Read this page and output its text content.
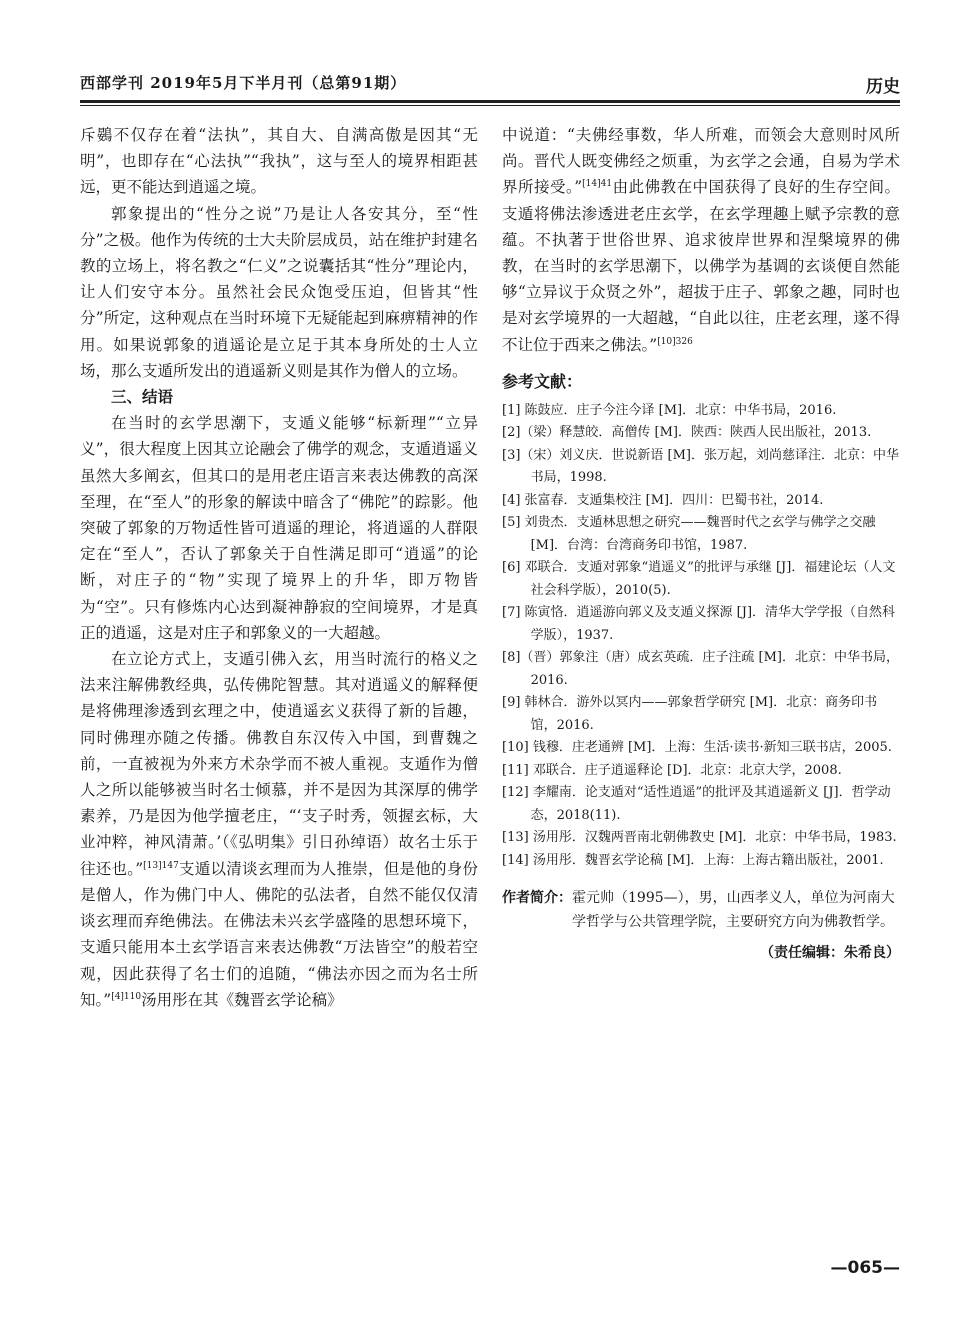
西部学刊 2019年5月下半月刊（总第91期）	历史

斥鷃不仅存在着“法执”，其自大、自满高傲是因其“无明”，也即存在“心法执”“我执”，这与至人的境界相距甚远，更不能达到逍遥之境。

郭象提出的“性分之说”乃是让人各安其分，至“性分”之极。他作为传统的士大夫阶层成员，站在维护封建名教的立场上，将名教之“仁义”之说囊括其“性分”理论内，让人们安守本分。虽然社会民众饱受压迫，但皆其“性分”所定，这种观点在当时环境下无疑能起到麻痹精神的作用。如果说郭象的逍遥论是立足于其本身所处的士人立场，那么支遁所发出的逍遥新义则是其作为僧人的立场。

三、结语

在当时的玄学思潮下，支遁义能够“标新理”“立异义”，很大程度上因其立论融会了佛学的观念，支遁逍遥义虽然大多阐玄，但其口的是用老庄语言来表达佛教的高深至理，在“至人”的形象的解读中暗含了“佛陀”的踪影。他突破了郭象的万物适性皆可逍遥的理论，将逍遥的人群限定在“至人”，否认了郭象关于自性满足即可“逍遥”的论断，对庄子的“物”实现了境界上的升华，即万物皆为“空”。只有修炼内心达到凝神静寂的空间境界，才是真正的逍遥，这是对庄子和郭象义的一大超越。

在立论方式上，支遁引佛入玄，用当时流行的格义之法来注解佛教经典，弘传佛陀智慧。其对逍遥义的解释便是将佛理渗透到玄理之中，使逍遥玄义获得了新的旨趣，同时佛理亦随之传播。佛教自东汉传入中国，到曹魏之前，一直被视为外来方术杂学而不被人重视。支遁作为僧人之所以能够被当时名士倾慕，并不是因为其深厚的佛学素养，乃是因为他学擅老庄，“‘支子时秀，领握玄标，大业冲粹，神风清萧。’（《弘明集》引日孙绰语）故名士乐于往还也。”$^{[13]147}$支遁以清谈玄理而为人推崇，但是他的身份是僧人，作为佛门中人、佛陀的弘法者，自然不能仅仅清谈玄理而弃绝佛法。在佛法未兴玄学盛隆的思想环境下，支遁只能用本土玄学语言来表达佛教“万法皆空”的般若空观，因此获得了名士们的追随，“佛法亦因之而为名士所知。”$^{[4]110}$汤用彤在其《魏晋玄学论稿》

中说道：“夫佛经事数，华人所难，而领会大意则时风所尚。晋代人既变佛经之烦重，为玄学之会通，自易为学术界所接受。”$^{[14]41}$由此佛教在中国获得了良好的生存空间。支遁将佛法渗透进老庄玄学，在玄学理趣上赋予宗教的意蕴。不执著于世俗世界、追求彼岸世界和涅槃境界的佛教，在当时的玄学思潮下，以佛学为基调的玄谈便自然能够“立异议于众贤之外”，超拔于庄子、郭象之趣，同时也是对玄学境界的一大超越，“自此以往，庄老玄理，遂不得不让位于西来之佛法。”$^{[10]326}$

参考文献：
[1] 陈鼓应．庄子今注今译 [M]．北京：中华书局，2016.
[2]（梁）释慧皎．高僧传 [M]．陕西：陕西人民出版社，2013.
[3]（宋）刘义庆．世说新语 [M]．张万起，刘尚慈译注．北京：中华书局，1998.
[4] 张富春．支遁集校注 [M]．四川：巴蜀书社，2014.
[5] 刘贵杰．支遁林思想之研究——魏晋时代之玄学与佛学之交融 [M]．台湾：台湾商务印书馆，1987.
[6] 邓联合．支遁对郭象“逍遥义”的批评与承继 [J]．福建论坛（人文社会科学版），2010(5).
[7] 陈寅恪．逍遥游向郭义及支遁义探源 [J]．清华大学学报（自然科学版），1937.
[8]（晋）郭象注（唐）成玄英疏．庄子注疏 [M]．北京：中华书局，2016.
[9] 韩林合．游外以冥内——郭象哲学研究 [M]．北京：商务印书馆，2016.
[10] 钱穆．庄老通辨 [M]．上海：生活·读书·新知三联书店，2005.
[11] 邓联合．庄子逍遥释论 [D]．北京：北京大学，2008.
[12] 李耀南．论支遁对“适性逍遥”的批评及其逍遥新义 [J]．哲学动态，2018(11).
[13] 汤用彤．汉魏两晋南北朝佛教史 [M]．北京：中华书局，1983.
[14] 汤用彤．魏晋玄学论稿 [M]．上海：上海古籍出版社，2001.
作者简介： 霍元帅（1995—），男，山西孝义人，单位为河南大学哲学与公共管理学院，主要研究方向为佛教哲学。
（责任编辑：朱希良）
—065—
